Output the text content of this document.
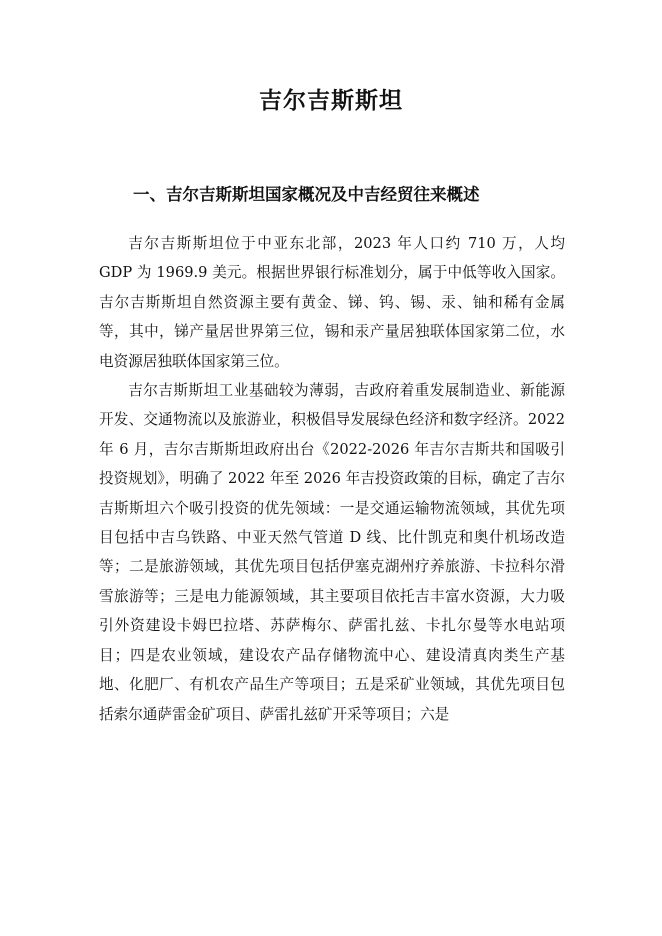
吉尔吉斯斯坦
一、吉尔吉斯斯坦国家概况及中吉经贸往来概述

吉尔吉斯斯坦位于中亚东北部，2023 年人口约 710 万，人均 GDP 为 1969.9 美元。根据世界银行标准划分，属于中低等收入国家。吉尔吉斯斯坦自然资源主要有黄金、锑、钨、锡、汞、铀和稀有金属等，其中，锑产量居世界第三位，锡和汞产量居独联体国家第二位，水电资源居独联体国家第三位。

吉尔吉斯斯坦工业基础较为薄弱，吉政府着重发展制造业、新能源开发、交通物流以及旅游业，积极倡导发展绿色经济和数字经济。2022 年 6 月，吉尔吉斯斯坦政府出台《2022-2026 年吉尔吉斯共和国吸引投资规划》，明确了 2022 年至 2026 年吉投资政策的目标，确定了吉尔吉斯斯坦六个吸引投资的优先领域：一是交通运输物流领域，其优先项目包括中吉乌铁路、中亚天然气管道 D 线、比什凯克和奥什机场改造等；二是旅游领域，其优先项目包括伊塞克湖州疗养旅游、卡拉科尔滑雪旅游等；三是电力能源领域，其主要项目依托吉丰富水资源，大力吸引外资建设卡姆巴拉塔、苏萨梅尔、萨雷扎兹、卡扎尔曼等水电站项目；四是农业领域，建设农产品存储物流中心、建设清真肉类生产基地、化肥厂、有机农产品生产等项目；五是采矿业领域，其优先项目包括索尔通萨雷金矿项目、萨雷扎兹矿开采等项目；六是
